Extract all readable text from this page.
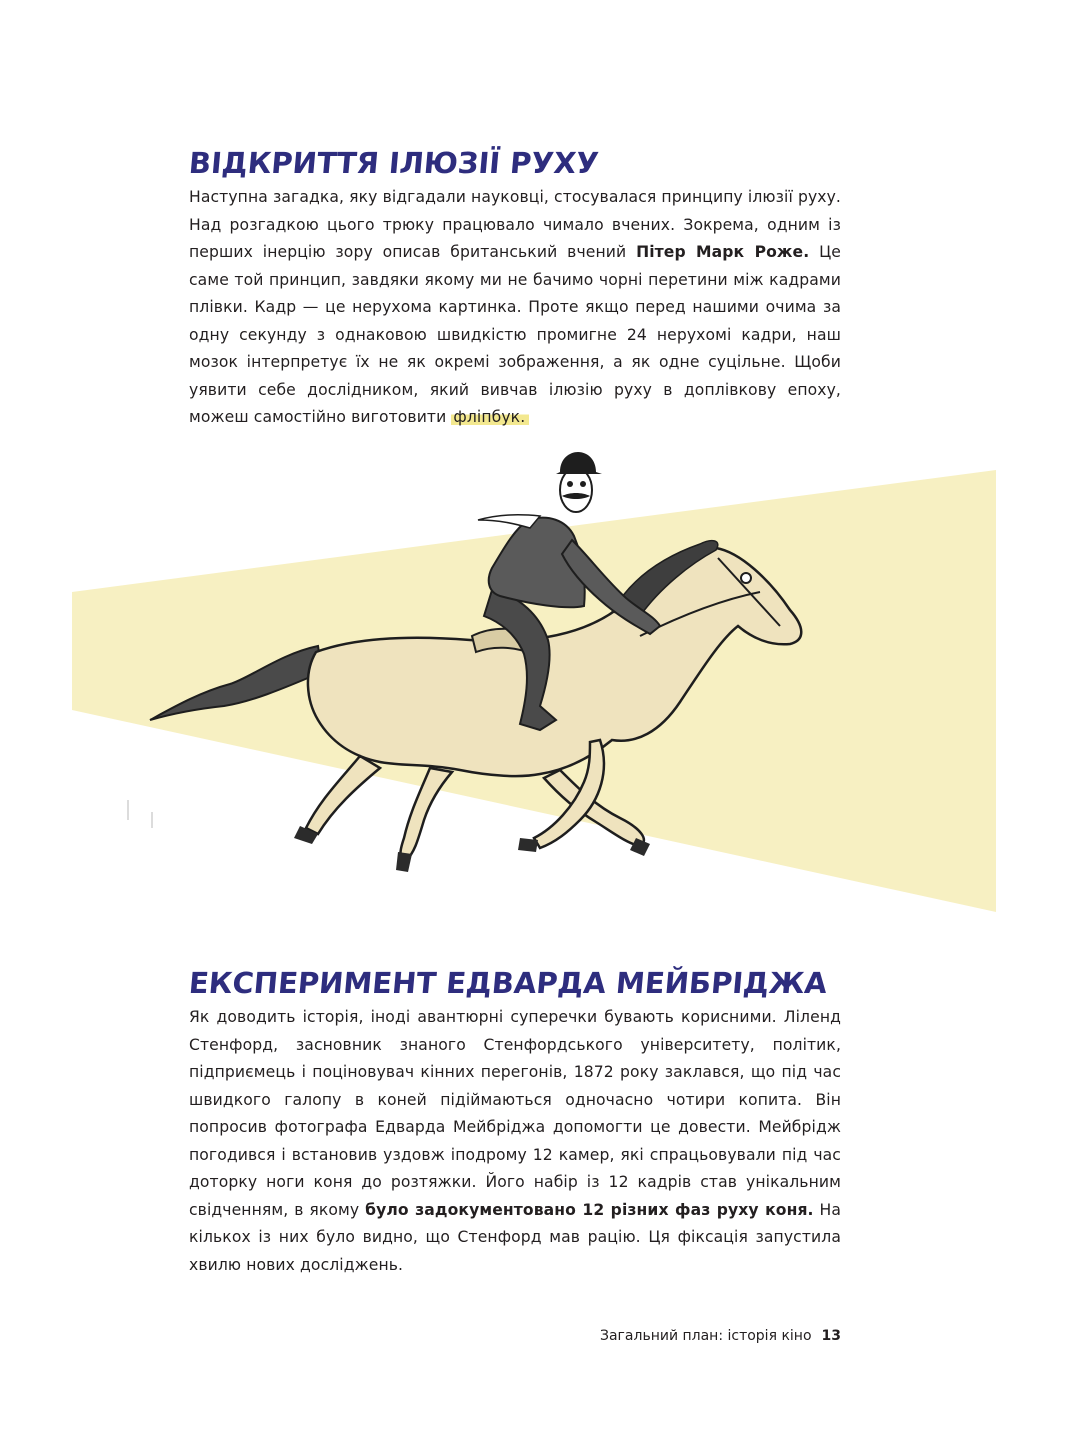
ВІДКРИТТЯ ІЛЮЗІЇ РУХУ

Наступна загадка, яку відгадали науковці, стосувалася принципу ілюзії руху. Над розгадкою цього трюку працювало чимало вчених. Зокрема, одним із перших інерцію зору описав британський вчений Пітер Марк Роже. Це саме той принцип, завдяки якому ми не бачимо чорні перетини між кадрами плівки. Кадр — це нерухома картинка. Проте якщо перед нашими очима за одну секунду з однаковою швидкістю промигне 24 нерухомі кадри, наш мозок інтерпретує їх не як окремі зображення, а як одне суцільне. Щоби уявити себе дослідником, який вивчав ілюзію руху в доплівкову епоху, можеш самостійно виготовити фліпбук.

ЕКСПЕРИМЕНТ ЕДВАРДА МЕЙБРІДЖА

Як доводить історія, іноді авантюрні суперечки бувають корисними. Ліленд Стенфорд, засновник знаного Стенфордського університету, політик, підприємець і поціновувач кінних перегонів, 1872 року заклався, що під час швидкого галопу в коней підіймаються одночасно чотири копита. Він попросив фотографа Едварда Мейбріджа допомогти це довести. Мейбрідж погодився і встановив уздовж іподрому 12 камер, які спрацьовували під час доторку ноги коня до розтяжки. Його набір із 12 кадрів став унікальним свідченням, в якому було задокументовано 12 різних фаз руху коня. На кількох із них було видно, що Стенфорд мав рацію. Ця фіксація запустила хвилю нових досліджень.

Загальний план: історія кіно 13
